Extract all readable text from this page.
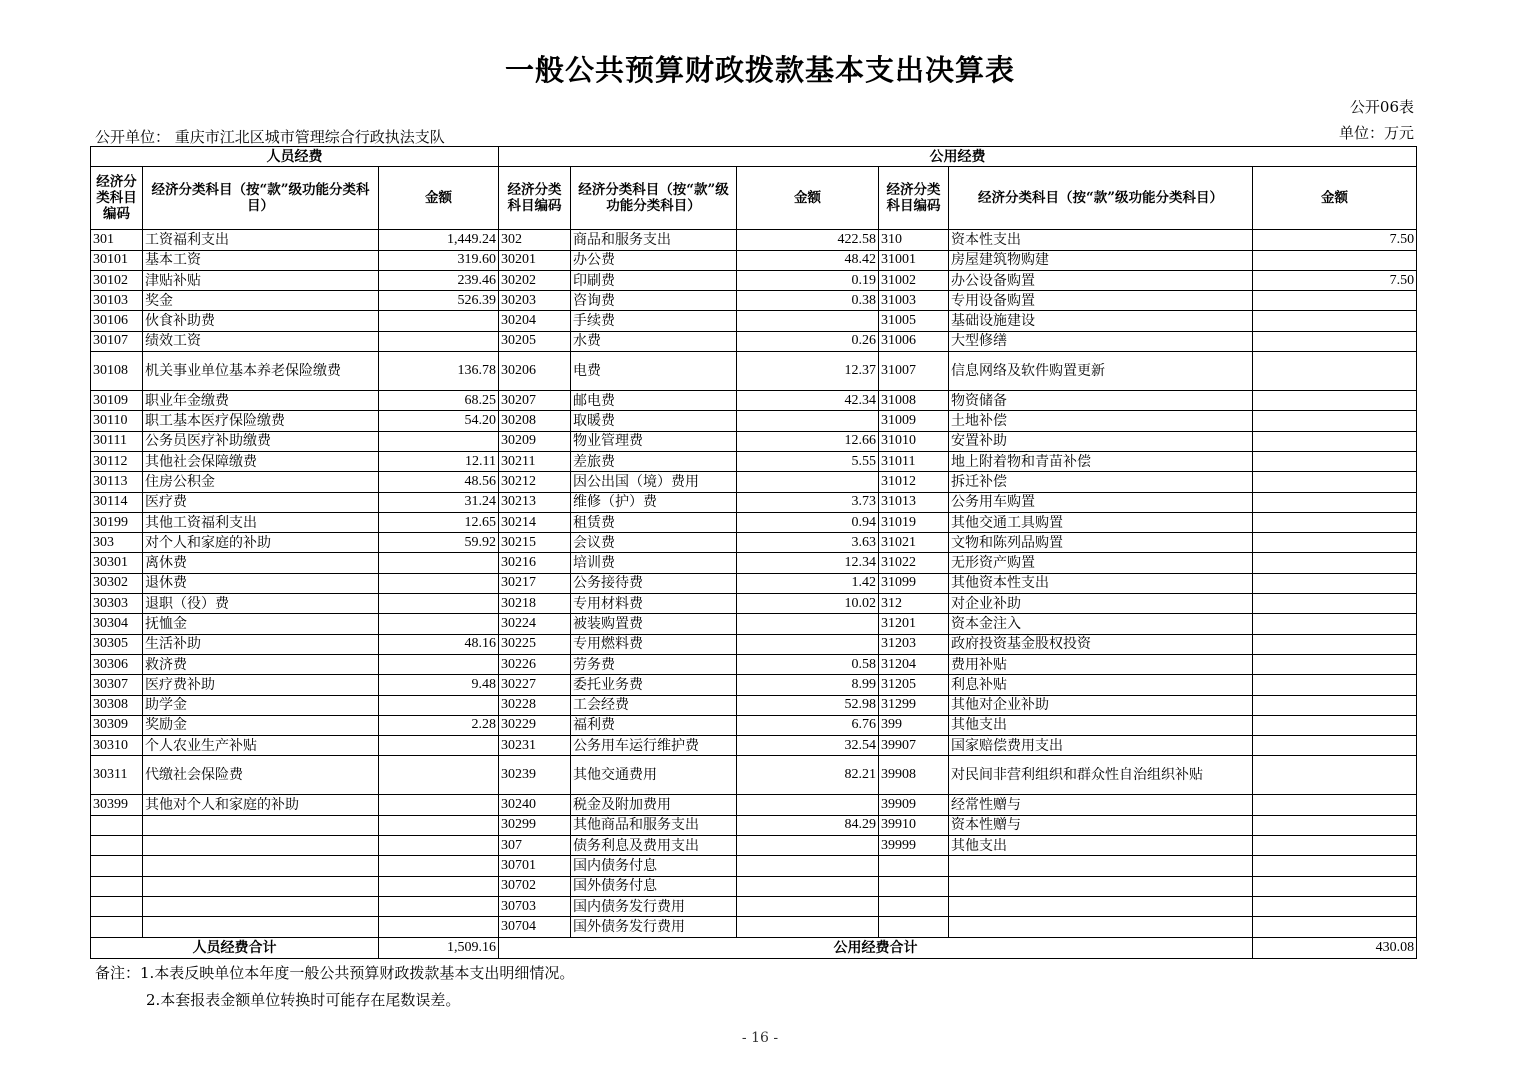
一般公共预算财政拨款基本支出决算表
公开06表
公开单位： 重庆市江北区城市管理综合行政执法支队	单位：万元
人员经费			公用经费					
经济分类科目编码	经济分类科目（按“款”级功能分类科目）	金额	经济分类科目编码	经济分类科目（按“款”级功能分类科目）	金额	经济分类科目编码	经济分类科目（按“款”级功能分类科目）	金额
301	工资福利支出	1,449.24	302	商品和服务支出	422.58	310	资本性支出	7.50
30101	基本工资	319.60	30201	办公费	48.42	31001	房屋建筑物购建	
30102	津贴补贴	239.46	30202	印刷费	0.19	31002	办公设备购置	7.50
30103	奖金	526.39	30203	咨询费	0.38	31003	专用设备购置	
30106	伙食补助费		30204	手续费		31005	基础设施建设	
30107	绩效工资		30205	水费	0.26	31006	大型修缮	
30108	机关事业单位基本养老保险缴费	136.78	30206	电费	12.37	31007	信息网络及软件购置更新	
30109	职业年金缴费	68.25	30207	邮电费	42.34	31008	物资储备	
30110	职工基本医疗保险缴费	54.20	30208	取暖费		31009	土地补偿	
30111	公务员医疗补助缴费		30209	物业管理费	12.66	31010	安置补助	
30112	其他社会保障缴费	12.11	30211	差旅费	5.55	31011	地上附着物和青苗补偿	
30113	住房公积金	48.56	30212	因公出国（境）费用		31012	拆迁补偿	
30114	医疗费	31.24	30213	维修（护）费	3.73	31013	公务用车购置	
30199	其他工资福利支出	12.65	30214	租赁费	0.94	31019	其他交通工具购置	
303	对个人和家庭的补助	59.92	30215	会议费	3.63	31021	文物和陈列品购置	
30301	离休费		30216	培训费	12.34	31022	无形资产购置	
30302	退休费		30217	公务接待费	1.42	31099	其他资本性支出	
30303	退职（役）费		30218	专用材料费	10.02	312	对企业补助	
30304	抚恤金		30224	被装购置费		31201	资本金注入	
30305	生活补助	48.16	30225	专用燃料费		31203	政府投资基金股权投资	
30306	救济费		30226	劳务费	0.58	31204	费用补贴	
30307	医疗费补助	9.48	30227	委托业务费	8.99	31205	利息补贴	
30308	助学金		30228	工会经费	52.98	31299	其他对企业补助	
30309	奖励金	2.28	30229	福利费	6.76	399	其他支出	
30310	个人农业生产补贴		30231	公务用车运行维护费	32.54	39907	国家赔偿费用支出	
30311	代缴社会保险费		30239	其他交通费用	82.21	39908	对民间非营利组织和群众性自治组织补贴	
30399	其他对个人和家庭的补助		30240	税金及附加费用		39909	经常性赠与	
			30299	其他商品和服务支出	84.29	39910	资本性赠与	
			307	债务利息及费用支出		39999	其他支出	
			30701	国内债务付息				
			30702	国外债务付息				
			30703	国内债务发行费用				
			30704	国外债务发行费用				
人员经费合计		1,509.16	公用经费合计					430.08
备注：1.本表反映单位本年度一般公共预算财政拨款基本支出明细情况。
2.本套报表金额单位转换时可能存在尾数误差。
- 16 -
